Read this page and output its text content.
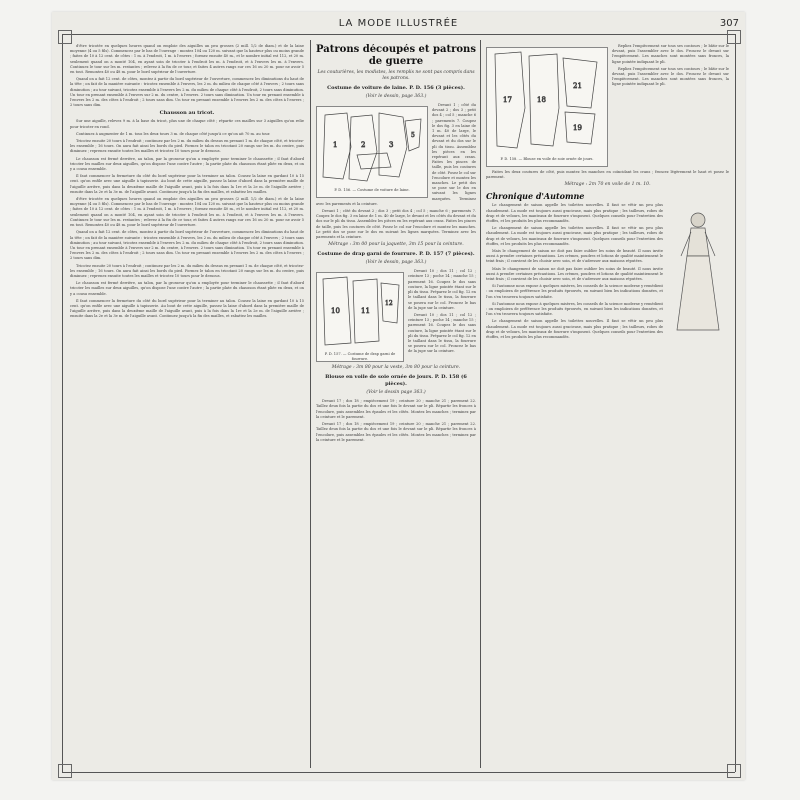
LA MODE ILLUSTRÉE	307

d'être tricotée en quelques heures quand on emploie des aiguilles un peu grosses (2 mill. 1/2 de diam.) et de la laine moyenne (4 ou 5 fils). Commencez par le bas de l'ouvrage : montez 104 ou 120 m. suivant que la hauteur plus ou moins grande ; faites de 10 à 12 cent. de côtes : 1 m. à l'endroit, 1 m. à l'envers ; formez ensuite 40 m., et le nombre initial est 112, et 20 m. seulement quand on a monté 104, en ayant soin de tricoter à l'endroit les m. à l'endroit, et à l'envers les m. à l'envers. Continuez le tour sur les m. restantes ; relevez à la fin de ce tour, et faites 4 autres rangs sur ces 16 ou 20 m. pour ne avoir 5 en tout. Remontez 40 ou 48 m. pour le bord supérieur de l'ouverture.

Quand on a fait 12 cent. de côtes, montez à partir du bord supérieur de l'ouverture, commencez les diminutions du haut de la tête ; on fait de la manière suivante : tricotez ensemble à l'envers, les 2 m. du milieu de chaque côté à l'envers ; 2 tours sans diminution ; au tour suivant, tricotez ensemble à l'envers les 2 m. du milieu de chaque côté à l'endroit, 2 tours sans diminution. Un tour en prenant ensemble à l'envers sur 2 m. du centre, à l'envers. 2 tours sans diminution. Un tour en prenant ensemble à l'envers les 2 m. des côtes à l'endroit ; 2 tours sans dim. Un tour en prenant ensemble à l'envers les 2 m. des côtes à l'envers ; 2 tours sans dim.

Chausson au tricot.

Sur une aiguille, relevez 9 m. à la base du tricot, plus une de chaque côté ; répartir ces mailles sur 3 aiguilles qu'on relie pour tricoter en rond.

Continuez à augmenter de 1 m. tous les deux tours 3 m. de chaque côté jusqu'à ce qu'on ait 70 m. au tour.

Tricotez ensuite 20 tours à l'endroit ; continuez par les 2 m. du milieu du dessus en prenant 1 m. de chaque côté, et tricotez-les ensemble ; 16 tours. On aura fait ainsi les bords du pied. Formez le talon en tricotant 20 rangs sur les m. du centre, puis diminuez ; reprenez ensuite toutes les mailles et tricotez 10 tours pour le dessous.

Le chausson est fermé derrière, au talon, par la grosseur qu'on a employée pour terminer le chaussette ; il faut d'abord tricoter les mailles sur deux aiguilles, qu'on dispose l'une contre l'autre ; la partie plate du chausson étant pliée en deux, et on y a cousu ensemble.

Il faut commencer la fermeture du côté du bord supérieur pour la terminer au talon. Cousez la laine en gardant 10 à 15 cent. qu'on enfile avec une aiguille à tapisserie. Au bout de cette aiguille, passez la laine d'abord dans la première maille de l'aiguille arrière, puis dans la deuxième maille de l'aiguille avant, puis à la fois dans la 1re et la 2e m. de l'aiguille arrière ; ensuite dans la 2e et la 3e m. de l'aiguille avant. Continuez jusqu'à la fin des mailles, et rabattez les mailles.

d'être tricotée en quelques heures quand on emploie des aiguilles un peu grosses (2 mill. 1/2 de diam.) et de la laine moyenne (4 ou 5 fils). Commencez par le bas de l'ouvrage : montez 104 ou 120 m. suivant que la hauteur plus ou moins grande ; faites de 10 à 12 cent. de côtes : 1 m. à l'endroit, 1 m. à l'envers ; formez ensuite 40 m., et le nombre initial est 112, et 20 m. seulement quand on a monté 104, en ayant soin de tricoter à l'endroit les m. à l'endroit, et à l'envers les m. à l'envers. Continuez le tour sur les m. restantes ; relevez à la fin de ce tour, et faites 4 autres rangs sur ces 16 ou 20 m. pour ne avoir 5 en tout. Remontez 40 ou 48 m. pour le bord supérieur de l'ouverture.

Quand on a fait 12 cent. de côtes, montez à partir du bord supérieur de l'ouverture, commencez les diminutions du haut de la tête ; on fait de la manière suivante : tricotez ensemble à l'envers, les 2 m. du milieu de chaque côté à l'envers ; 2 tours sans diminution ; au tour suivant, tricotez ensemble à l'envers les 2 m. du milieu de chaque côté à l'endroit, 2 tours sans diminution. Un tour en prenant ensemble à l'envers sur 2 m. du centre, à l'envers. 2 tours sans diminution. Un tour en prenant ensemble à l'envers les 2 m. des côtes à l'endroit ; 2 tours sans dim. Un tour en prenant ensemble à l'envers les 2 m. des côtes à l'envers ; 2 tours sans dim.

Tricotez ensuite 20 tours à l'endroit ; continuez par les 2 m. du milieu du dessus en prenant 1 m. de chaque côté, et tricotez-les ensemble ; 16 tours. On aura fait ainsi les bords du pied. Formez le talon en tricotant 20 rangs sur les m. du centre, puis diminuez ; reprenez ensuite toutes les mailles et tricotez 10 tours pour le dessous.

Le chausson est fermé derrière, au talon, par la grosseur qu'on a employée pour terminer le chaussette ; il faut d'abord tricoter les mailles sur deux aiguilles, qu'on dispose l'une contre l'autre ; la partie plate du chausson étant pliée en deux, et on y a cousu ensemble.

Il faut commencer la fermeture du côté du bord supérieur pour la terminer au talon. Cousez la laine en gardant 10 à 15 cent. qu'on enfile avec une aiguille à tapisserie. Au bout de cette aiguille, passez la laine d'abord dans la première maille de l'aiguille arrière, puis dans la deuxième maille de l'aiguille avant, puis à la fois dans la 1re et la 2e m. de l'aiguille arrière ; ensuite dans la 2e et la 3e m. de l'aiguille avant. Continuez jusqu'à la fin des mailles, et rabattez les mailles.

Patrons découpés et patrons de guerre
Les couturières, les modistes, les remplis ne sont pas compris dans les patrons.
Costume de voiture de laine. P. D. 156 (3 pièces).
(Voir le dessin, page 363.)
1	2	3
5
P. D. 156. — Costume de voiture de laine.

Devant 1 ; côté du devant 2 ; dos 3 ; petit dos 4 ; col 5 ; manche 6 ; parements 7. Coupez le dos fig. 3 en laine de 1 m. 40 de large, le devant et les côtés du devant et du dos sur le pli du tissu. Assemblez les pièces en les repérant aux crans. Faites les pinces de taille, puis les coutures de côté. Posez le col sur l'encolure et montez les manches. Le petit dos se pose sur le dos en suivant les lignes marquées. Terminez avec les parements et la ceinture.

Devant 1 ; côté du devant 2 ; dos 3 ; petit dos 4 ; col 5 ; manche 6 ; parements 7. Coupez le dos fig. 3 en laine de 1 m. 40 de large, le devant et les côtés du devant et du dos sur le pli du tissu. Assemblez les pièces en les repérant aux crans. Faites les pinces de taille, puis les coutures de côté. Posez le col sur l'encolure et montez les manches. Le petit dos se pose sur le dos en suivant les lignes marquées. Terminez avec les parements et la ceinture.

Métrage : 3m 00 pour la jaquette, 3m 15 pour la ceinture.
Costume de drap garni de fourrure. P. D. 157 (7 pièces).
(Voir le dessin, page 363.)
10	11
12
P. D. 157. — Costume de drap garni de fourrure.

Devant 10 ; dos 11 ; col 12 ; ceinture 13 ; poche 14 ; manche 15 ; parement 16. Coupez le dos sans couture, la ligne pointée étant sur le pli du tissu. Préparez le col fig. 12 en le taillant dans le tissu, la fourrure se posera sur le col. Froncez le bas de la jupe sur la ceinture.

Devant 10 ; dos 11 ; col 12 ; ceinture 13 ; poche 14 ; manche 15 ; parement 16. Coupez le dos sans couture, la ligne pointée étant sur le pli du tissu. Préparez le col fig. 12 en le taillant dans le tissu, la fourrure se posera sur le col. Froncez le bas de la jupe sur la ceinture.

Métrage : 3m 80 pour la veste, 3m 80 pour la ceinture.
Blouse en voile de soie ornée de jours. P. D. 158 (6 pièces).
(Voir le dessin page 363.)

Devant 17 ; dos 18 ; empiècement 19 ; ceinture 20 ; manche 21 ; parement 22. Taillez deux fois la partie du dos et une fois le devant sur le pli. Répartir les fronces à l'encolure, puis assemblez les épaules et les côtés. Montez les manches ; terminez par la ceinture et le parement.

Devant 17 ; dos 18 ; empiècement 19 ; ceinture 20 ; manche 21 ; parement 22. Taillez deux fois la partie du dos et une fois le devant sur le pli. Répartir les fronces à l'encolure, puis assemblez les épaules et les côtés. Montez les manches ; terminez par la ceinture et le parement.

17	18
21
19
P. D. 158. — Blouse en voile de soie ornée de jours.

Repliez l'empiècement sur tous ses contours ; le bâtir sur le devant, puis l'assembler avec le dos. Froncez le devant sur l'empiècement. Les manches sont montées sans fronces, la ligne pointée indiquant le pli.

Repliez l'empiècement sur tous ses contours ; le bâtir sur le devant, puis l'assembler avec le dos. Froncez le devant sur l'empiècement. Les manches sont montées sans fronces, la ligne pointée indiquant le pli.

Faites les deux coutures de côté, puis montez les manches en coïncidant les crans ; froncez légèrement le haut et posez le parement.

Métrage : 2m 70 en voile de 1 m. 10.
Chronique d'Automne

Le changement de saison appelle les toilettes nouvelles. Il faut se vêtir un peu plus chaudement. La mode est toujours aussi gracieuse, mais plus pratique ; les tailleurs, robes de drap et de velours, les manteaux de fourrure s'imposent. Quelques conseils pour l'entretien des étoffes, et les produits les plus recommandés.

Le changement de saison appelle les toilettes nouvelles. Il faut se vêtir un peu plus chaudement. La mode est toujours aussi gracieuse, mais plus pratique ; les tailleurs, robes de drap et de velours, les manteaux de fourrure s'imposent. Quelques conseils pour l'entretien des étoffes, et les produits les plus recommandés.

Mais le changement de saison ne doit pas faire oublier les soins de beauté. Il nous invite aussi à prendre certaines précautions. Les crèmes, poudres et lotions de qualité maintiennent le teint frais ; il convient de les choisir avec soin, et de s'adresser aux maisons réputées.

Mais le changement de saison ne doit pas faire oublier les soins de beauté. Il nous invite aussi à prendre certaines précautions. Les crèmes, poudres et lotions de qualité maintiennent le teint frais ; il convient de les choisir avec soin, et de s'adresser aux maisons réputées.

Si l'automne nous expose à quelques misères, les conseils de la science moderne y remédient : on emploiera de préférence les produits éprouvés, en suivant bien les indications données, et l'on s'en trouvera toujours satisfaite.

Si l'automne nous expose à quelques misères, les conseils de la science moderne y remédient : on emploiera de préférence les produits éprouvés, en suivant bien les indications données, et l'on s'en trouvera toujours satisfaite.

Le changement de saison appelle les toilettes nouvelles. Il faut se vêtir un peu plus chaudement. La mode est toujours aussi gracieuse, mais plus pratique ; les tailleurs, robes de drap et de velours, les manteaux de fourrure s'imposent. Quelques conseils pour l'entretien des étoffes, et les produits les plus recommandés.
